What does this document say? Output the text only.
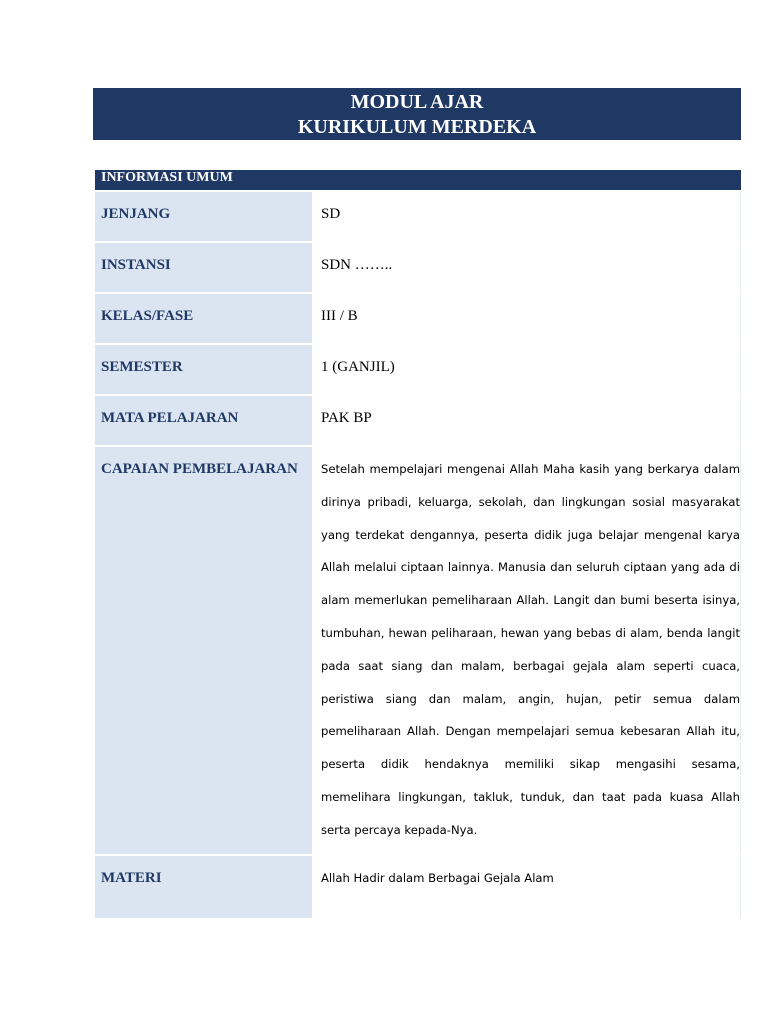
MODUL AJAR
KURIKULUM MERDEKA
INFORMASI UMUM
JENJANG	SD
INSTANSI	SDN ……..
KELAS/FASE	III / B
SEMESTER	1 (GANJIL)
MATA PELAJARAN	PAK BP
CAPAIAN PEMBELAJARAN	Setelah mempelajari mengenai Allah Maha kasih yang berkarya dalam dirinya pribadi, keluarga, sekolah, dan lingkungan sosial masyarakat yang terdekat dengannya, peserta didik juga belajar mengenal karya Allah melalui ciptaan lainnya. Manusia dan seluruh ciptaan yang ada di alam memerlukan pemeliharaan Allah. Langit dan bumi beserta isinya, tumbuhan, hewan peliharaan, hewan yang bebas di alam, benda langit pada saat siang dan malam, berbagai gejala alam seperti cuaca, peristiwa siang dan malam, angin, hujan, petir semua dalam pemeliharaan Allah. Dengan mempelajari semua kebesaran Allah itu, peserta didik hendaknya memiliki sikap mengasihi sesama, memelihara lingkungan, takluk, tunduk, dan taat pada kuasa Allah serta percaya kepada-Nya.
MATERI	Allah Hadir dalam Berbagai Gejala Alam
